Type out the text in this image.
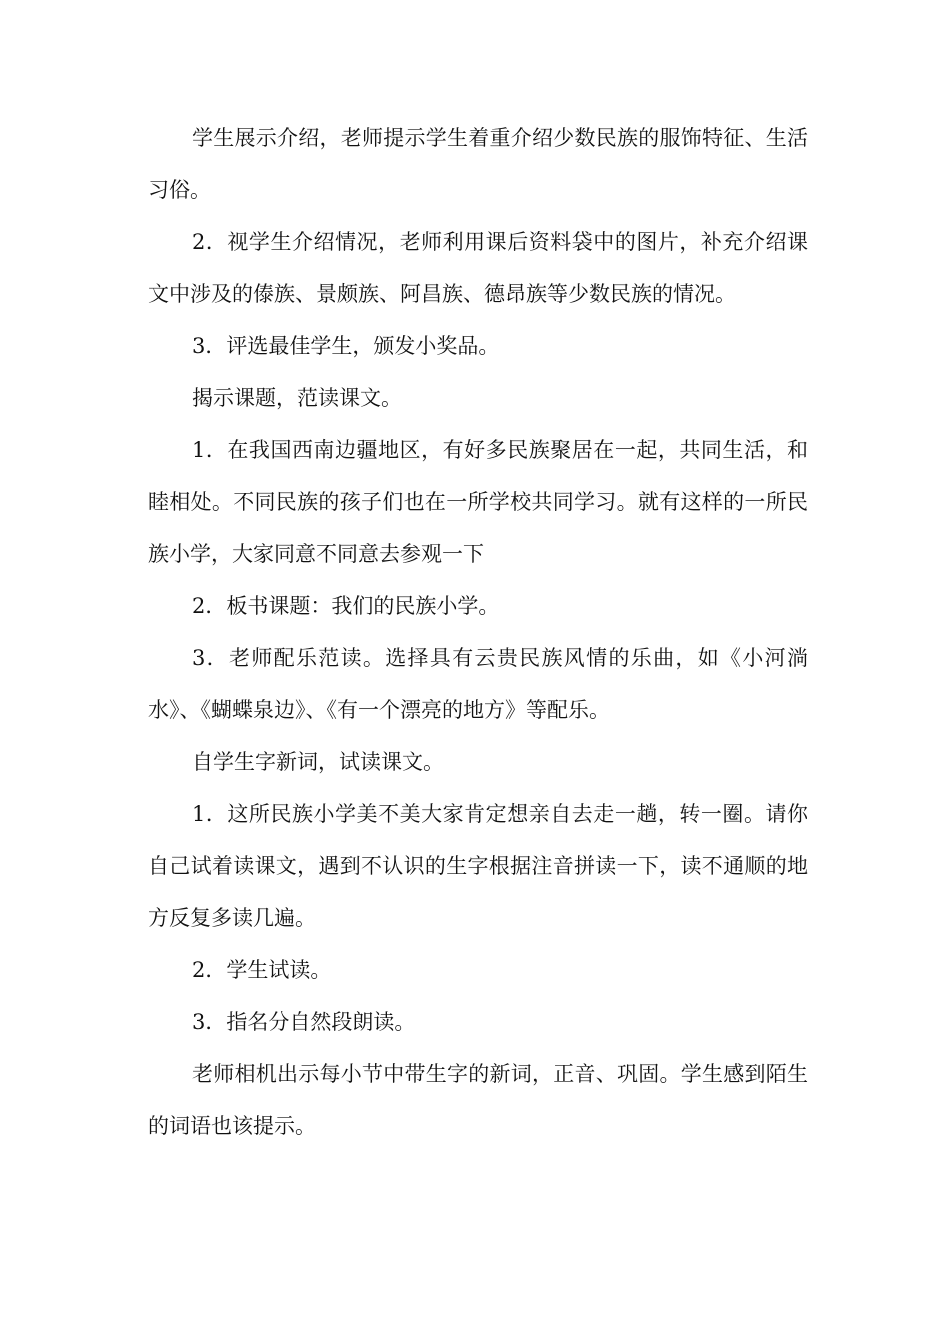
学生展示介绍，老师提示学生着重介绍少数民族的服饰特征、生活习俗。

2．视学生介绍情况，老师利用课后资料袋中的图片，补充介绍课文中涉及的傣族、景颇族、阿昌族、德昂族等少数民族的情况。

3．评选最佳学生，颁发小奖品。

揭示课题，范读课文。

1．在我国西南边疆地区，有好多民族聚居在一起，共同生活，和睦相处。不同民族的孩子们也在一所学校共同学习。就有这样的一所民族小学，大家同意不同意去参观一下

2．板书课题：我们的民族小学。

3．老师配乐范读。选择具有云贵民族风情的乐曲，如《小河淌水》、《蝴蝶泉边》、《有一个漂亮的地方》等配乐。

自学生字新词，试读课文。

1．这所民族小学美不美大家肯定想亲自去走一趟，转一圈。请你自己试着读课文，遇到不认识的生字根据注音拼读一下，读不通顺的地方反复多读几遍。

2．学生试读。

3．指名分自然段朗读。

老师相机出示每小节中带生字的新词，正音、巩固。学生感到陌生的词语也该提示。
